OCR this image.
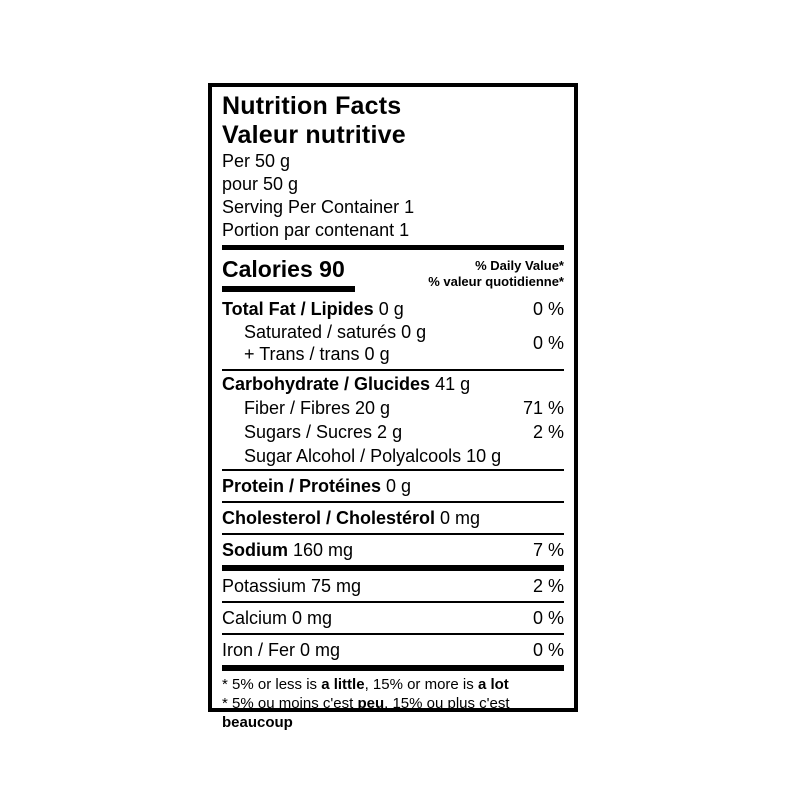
Nutrition Facts
Valeur nutritive
Per 50 g
pour 50 g
Serving Per Container 1
Portion par contenant 1
Calories 90	% Daily Value*
% valeur quotidienne*
Total Fat / Lipides 0 g	0 %
Saturated / saturés 0 g
+ Trans / trans 0 g
0 %
Carbohydrate / Glucides 41 g
Fiber / Fibres 20 g	71 %
Sugars / Sucres 2 g	2 %
Sugar Alcohol / Polyalcools 10 g
Protein / Protéines 0 g
Cholesterol / Cholestérol 0 mg
Sodium 160 mg	7 %
Potassium 75 mg	2 %
Calcium 0 mg	0 %
Iron / Fer 0 mg	0 %
* 5% or less is a little, 15% or more is a lot
* 5% ou moins c'est peu, 15% ou plus c'est beaucoup
